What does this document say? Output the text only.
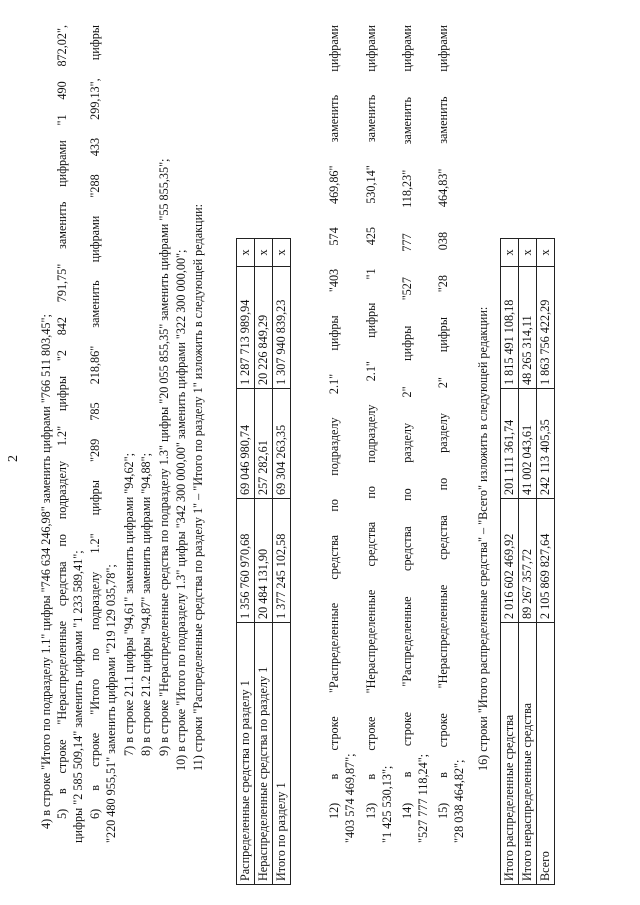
2 4) в строке "Итого по подразделу 1.1" цифры "746 634 246,98" заменить цифрами "766 511 803,45"; 5) в строке "Нераспределенные средства по подразделу 1.2" цифры "2 842 791,75" заменить цифрами "1 490 872,02", цифры "2 585 509,14" заменить цифрами "1 233 589,41"; 6) в строке "Итого по подразделу 1.2" цифры "289 785 218,86" заменить цифрами "288 433 299,13", цифры "220 480 955,51" заменить цифрами "219 129 035,78"; 7) в строке 21.1 цифры "94,61" заменить цифрами "94,62"; 8) в строке 21.2 цифры "94,87" заменить цифрами "94,88"; 9) в строке "Нераспределенные средства по подразделу 1.3" цифры "20 055 855,35" заменить цифрами "55 855,35"; 10) в строке "Итого по подразделу 1.3" цифры "342 300 000,00" заменить цифрами "322 300 000,00"; 11) строки "Распределенные средства по разделу 1" – "Итого по разделу 1" изложить в следующей редакции:
Распределенные средства по разделу 1	1 356 760 970,68	69 046 980,74	1 287 713 989,94	x
Нераспределенные средства по разделу 1	20 484 131,90	257 282,61	20 226 849,29	x
Итого по разделу 1	1 377 245 102,58	69 304 263,35	1 307 940 839,23	x	12) в строке "Распределенные средства по подразделу 2.1" цифры "403 574 469,86" заменить цифрами "403 574 469,87"; 13) в строке "Нераспределенные средства по подразделу 2.1" цифры "1 425 530,14" заменить цифрами "1 425 530,13"; 14) в строке "Распределенные средства по разделу 2" цифры "527 777 118,23" заменить цифрами "527 777 118,24"; 15) в строке "Нераспределенные средства по разделу 2" цифры "28 038 464,83" заменить цифрами "28 038 464,82";
16) строки "Итого распределенные средства" – "Всего" изложить в следующей редакции:
Итого распределенные средства	2 016 602 469,92	201 111 361,74	1 815 491 108,18	x
Итого нераспределенные средства	89 267 357,72	41 002 043,61	48 265 314,11	x
Всего	2 105 869 827,64	242 113 405,35	1 863 756 422,29	x
